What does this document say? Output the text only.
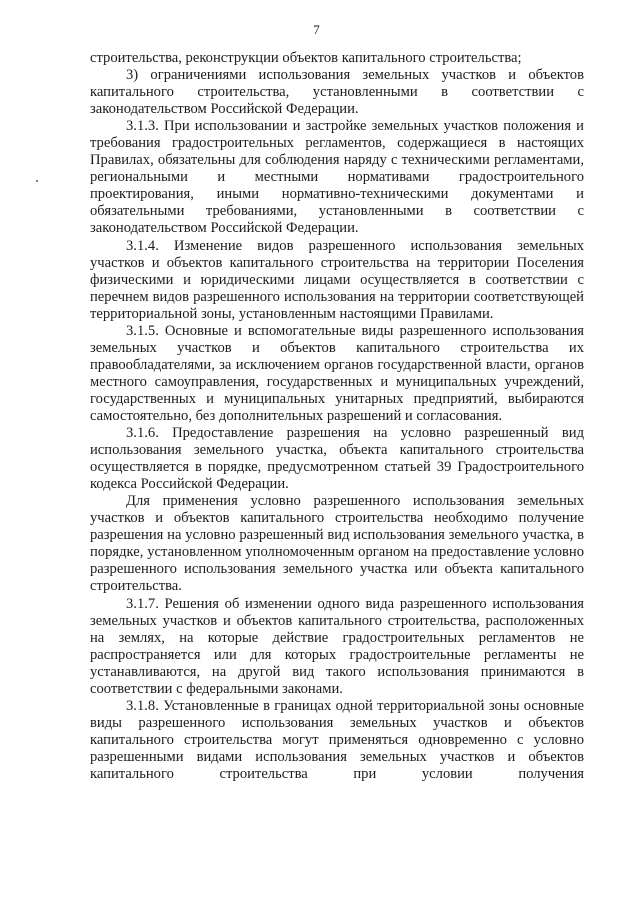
7

строительства, реконструкции объектов капитального строительства;

3) ограничениями использования земельных участков и объектов капитального строительства, установленными в соответствии с законодательством Российской Федерации.

3.1.3. При использовании и застройке земельных участков положения и требования градостроительных регламентов, содержащиеся в настоящих Правилах, обязательны для соблюдения наряду с техническими регламентами, региональными и местными нормативами градостроительного проектирования, иными нормативно-техническими документами и обязательными требованиями, установленными в соответствии с законодательством Российской Федерации.

3.1.4. Изменение видов разрешенного использования земельных участков и объектов капитального строительства на территории Поселения физическими и юридическими лицами осуществляется в соответствии с перечнем видов разрешенного использования на территории соответствующей территориальной зоны, установленным настоящими Правилами.

3.1.5. Основные и вспомогательные виды разрешенного использования земельных участков и объектов капитального строительства их правообладателями, за исключением органов государственной власти, органов местного самоуправления, государственных и муниципальных учреждений, государственных и муниципальных унитарных предприятий, выбираются самостоятельно, без дополнительных разрешений и согласования.

3.1.6. Предоставление разрешения на условно разрешенный вид использования земельного участка, объекта капитального строительства осуществляется в порядке, предусмотренном статьей 39 Градостроительного кодекса Российской Федерации.

Для применения условно разрешенного использования земельных участков и объектов капитального строительства необходимо получение разрешения на условно разрешенный вид использования земельного участка, в порядке, установленном уполномоченным органом на предоставление условно разрешенного использования земельного участка или объекта капитального строительства.

3.1.7. Решения об изменении одного вида разрешенного использования земельных участков и объектов капитального строительства, расположенных на землях, на которые действие градостроительных регламентов не распространяется или для которых градостроительные регламенты не устанавливаются, на другой вид такого использования принимаются в соответствии с федеральными законами.

3.1.8. Установленные в границах одной территориальной зоны основные виды разрешенного использования земельных участков и объектов капитального строительства могут применяться одновременно с условно разрешенными видами использования земельных участков и объектов капитального строительства при условии получения
